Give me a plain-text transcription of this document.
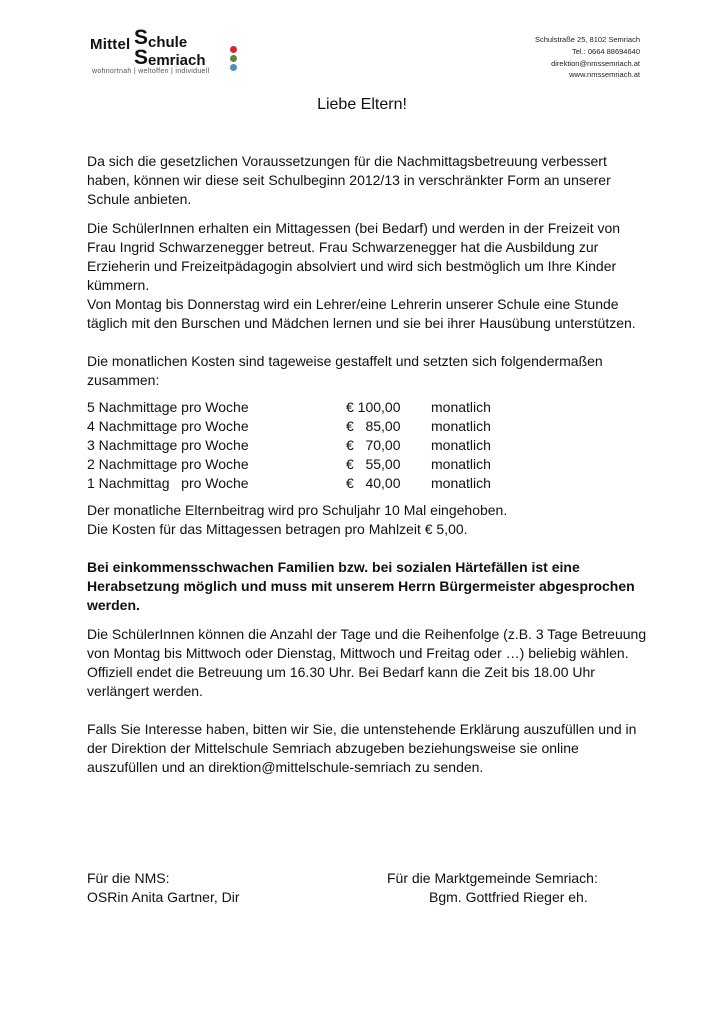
Mittel S chule
S emriach
wohnortnah | weltoffen | individuell
Schulstraße 25, 8102 Semriach
Tel.: 0664 88694640
direktion@nmssemriach.at
www.nmssemriach.at
Liebe Eltern!

Da sich die gesetzlichen Voraussetzungen für die Nachmittagsbetreuung verbessert haben, können wir diese seit Schulbeginn 2012/13 in verschränkter Form an unserer Schule anbieten.

Die SchülerInnen erhalten ein Mittagessen (bei Bedarf) und werden in der Freizeit von Frau Ingrid Schwarzenegger betreut. Frau Schwarzenegger hat die Ausbildung zur Erzieherin und Freizeitpädagogin absolviert und wird sich bestmöglich um Ihre Kinder kümmern.

Von Montag bis Donnerstag wird ein Lehrer/eine Lehrerin unserer Schule eine Stunde täglich mit den Burschen und Mädchen lernen und sie bei ihrer Hausübung unterstützen.

Die monatlichen Kosten sind tageweise gestaffelt und setzten sich folgendermaßen zusammen:

5 Nachmittage pro Woche	€ 100,00	monatlich
4 Nachmittage pro Woche	€   85,00	monatlich
3 Nachmittage pro Woche	€   70,00	monatlich
2 Nachmittage pro Woche	€   55,00	monatlich
1 Nachmittag   pro Woche	€   40,00	monatlich

Der monatliche Elternbeitrag wird pro Schuljahr 10 Mal eingehoben.

Die Kosten für das Mittagessen betragen pro Mahlzeit € 5,00.

Bei einkommensschwachen Familien bzw. bei sozialen Härtefällen ist eine Herabsetzung möglich und muss mit unserem Herrn Bürgermeister abgesprochen werden.

Die SchülerInnen können die Anzahl der Tage und die Reihenfolge (z.B. 3 Tage Betreuung von Montag bis Mittwoch oder Dienstag, Mittwoch und Freitag oder …) beliebig wählen. Offiziell endet die Betreuung um 16.30 Uhr. Bei Bedarf kann die Zeit bis 18.00 Uhr verlängert werden.

Falls Sie Interesse haben, bitten wir Sie, die untenstehende Erklärung auszufüllen und in der Direktion der Mittelschule Semriach abzugeben beziehungsweise sie online auszufüllen und an direktion@mittelschule-semriach zu senden.

Für die NMS:
OSRin Anita Gartner, Dir
Für die Marktgemeinde Semriach:
Bgm. Gottfried Rieger eh.
